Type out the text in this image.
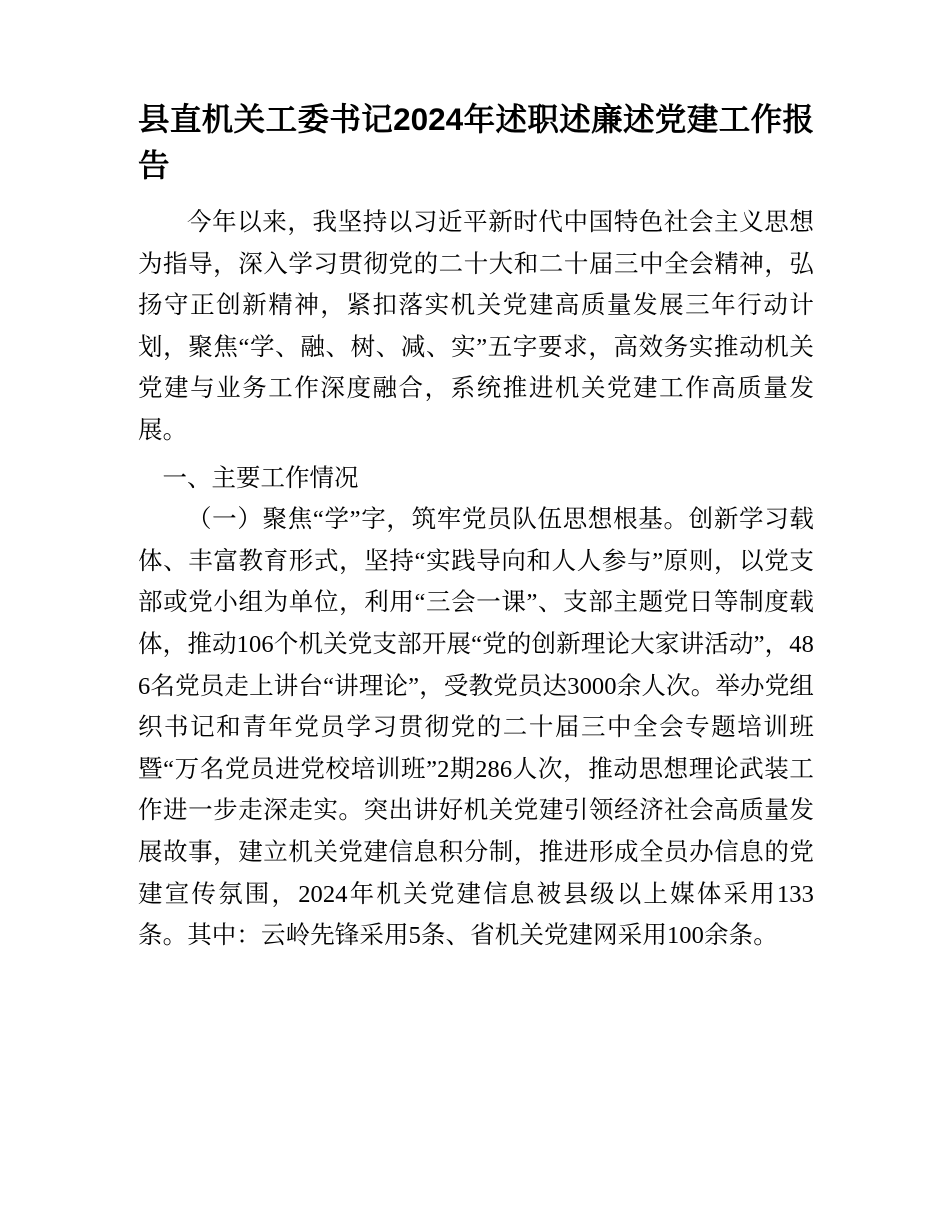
县直机关工委书记2024年述职述廉述党建工作报告

今年以来，我坚持以习近平新时代中国特色社会主义思想为指导，深入学习贯彻党的二十大和二十届三中全会精神，弘扬守正创新精神，紧扣落实机关党建高质量发展三年行动计划，聚焦“学、融、树、减、实”五字要求，高效务实推动机关党建与业务工作深度融合，系统推进机关党建工作高质量发展。

一、主要工作情况

（一）聚焦“学”字，筑牢党员队伍思想根基。创新学习载体、丰富教育形式，坚持“实践导向和人人参与”原则，以党支部或党小组为单位，利用“三会一课”、支部主题党日等制度载体，推动106个机关党支部开展“党的创新理论大家讲活动”，486名党员走上讲台“讲理论”，受教党员达3000余人次。举办党组织书记和青年党员学习贯彻党的二十届三中全会专题培训班暨“万名党员进党校培训班”2期286人次，推动思想理论武装工作进一步走深走实。突出讲好机关党建引领经济社会高质量发展故事，建立机关党建信息积分制，推进形成全员办信息的党建宣传氛围，2024年机关党建信息被县级以上媒体采用133条。其中：云岭先锋采用5条、省机关党建网采用100余条。
